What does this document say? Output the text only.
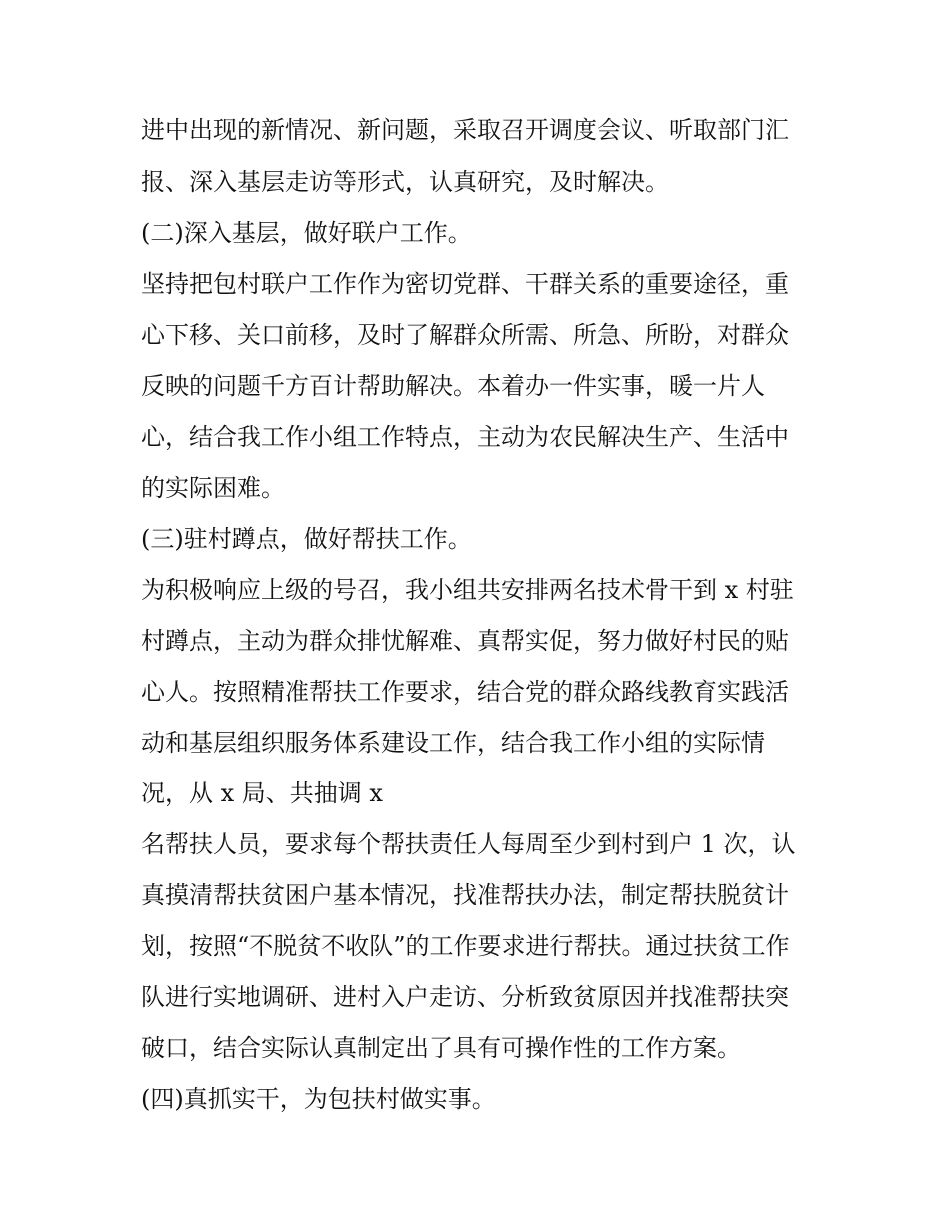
进中出现的新情况、新问题，采取召开调度会议、听取部门汇

报、深入基层走访等形式，认真研究，及时解决。

(二)深入基层，做好联户工作。

坚持把包村联户工作作为密切党群、干群关系的重要途径，重

心下移、关口前移，及时了解群众所需、所急、所盼，对群众

反映的问题千方百计帮助解决。本着办一件实事，暖一片人

心，结合我工作小组工作特点，主动为农民解决生产、生活中

的实际困难。

(三)驻村蹲点，做好帮扶工作。

为积极响应上级的号召，我小组共安排两名技术骨干到 x 村驻

村蹲点，主动为群众排忧解难、真帮实促，努力做好村民的贴

心人。按照精准帮扶工作要求，结合党的群众路线教育实践活

动和基层组织服务体系建设工作，结合我工作小组的实际情

况，从 x 局、共抽调 x

名帮扶人员，要求每个帮扶责任人每周至少到村到户 1 次，认

真摸清帮扶贫困户基本情况，找准帮扶办法，制定帮扶脱贫计

划，按照“不脱贫不收队”的工作要求进行帮扶。通过扶贫工作

队进行实地调研、进村入户走访、分析致贫原因并找准帮扶突

破口，结合实际认真制定出了具有可操作性的工作方案。

(四)真抓实干，为包扶村做实事。
